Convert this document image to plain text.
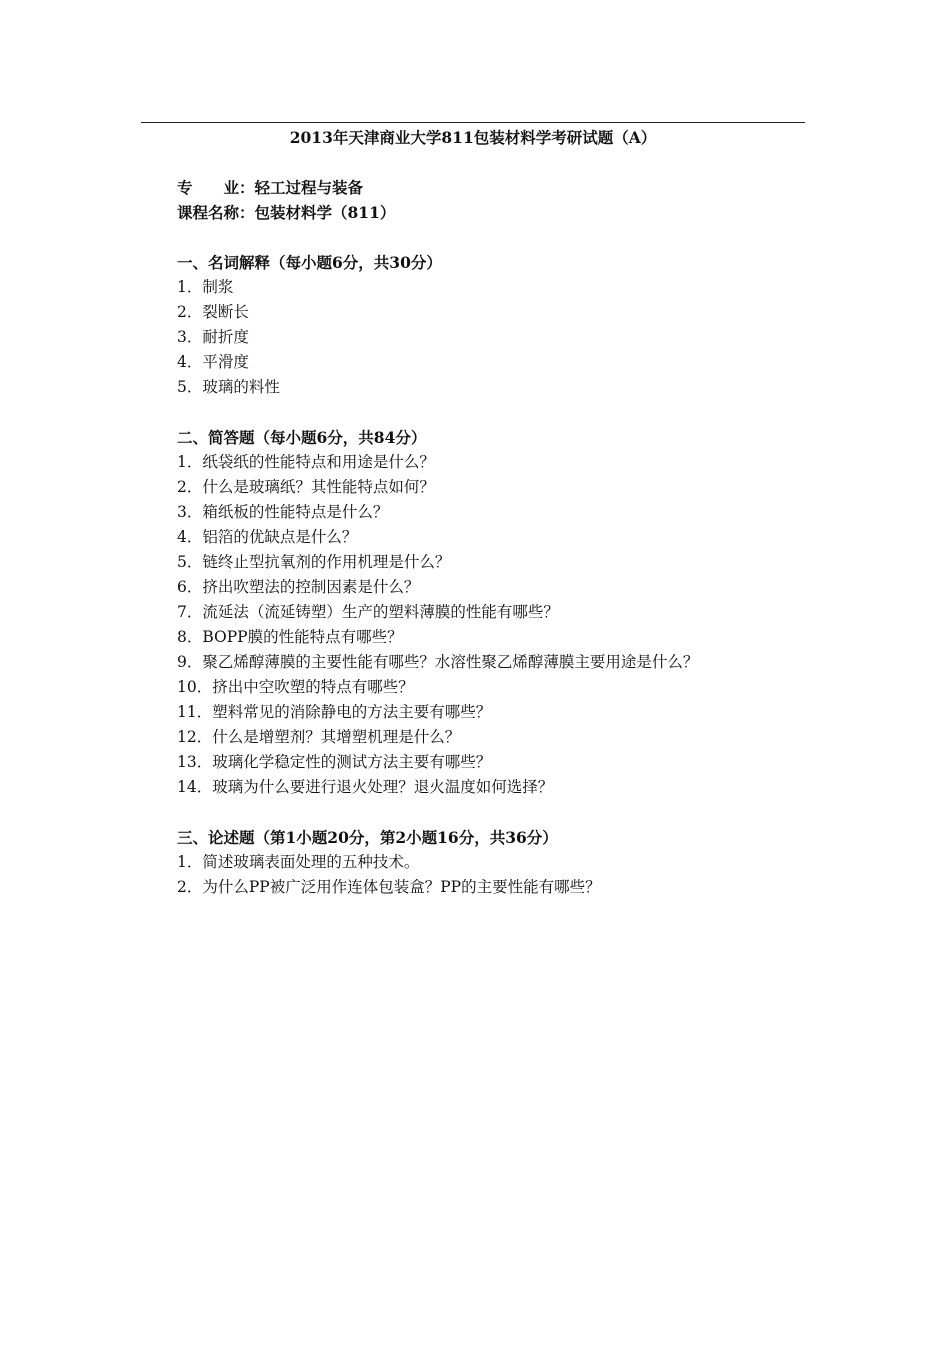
2013年天津商业大学811包装材料学考研试题（A）
专　　业：轻工过程与装备
课程名称：包装材料学（811）
一、名词解释（每小题6分，共30分）
1．制浆
2．裂断长
3．耐折度
4．平滑度
5．玻璃的料性
二、简答题（每小题6分，共84分）
1．纸袋纸的性能特点和用途是什么？
2．什么是玻璃纸？其性能特点如何？
3．箱纸板的性能特点是什么？
4．铝箔的优缺点是什么？
5．链终止型抗氧剂的作用机理是什么？
6．挤出吹塑法的控制因素是什么？
7．流延法（流延铸塑）生产的塑料薄膜的性能有哪些？
8．BOPP膜的性能特点有哪些？
9．聚乙烯醇薄膜的主要性能有哪些？水溶性聚乙烯醇薄膜主要用途是什么？
10．挤出中空吹塑的特点有哪些？
11．塑料常见的消除静电的方法主要有哪些？
12．什么是增塑剂？其增塑机理是什么？
13．玻璃化学稳定性的测试方法主要有哪些？
14．玻璃为什么要进行退火处理？退火温度如何选择？
三、论述题（第1小题20分，第2小题16分，共36分）
1．简述玻璃表面处理的五种技术。
2．为什么PP被广泛用作连体包装盒？PP的主要性能有哪些？
